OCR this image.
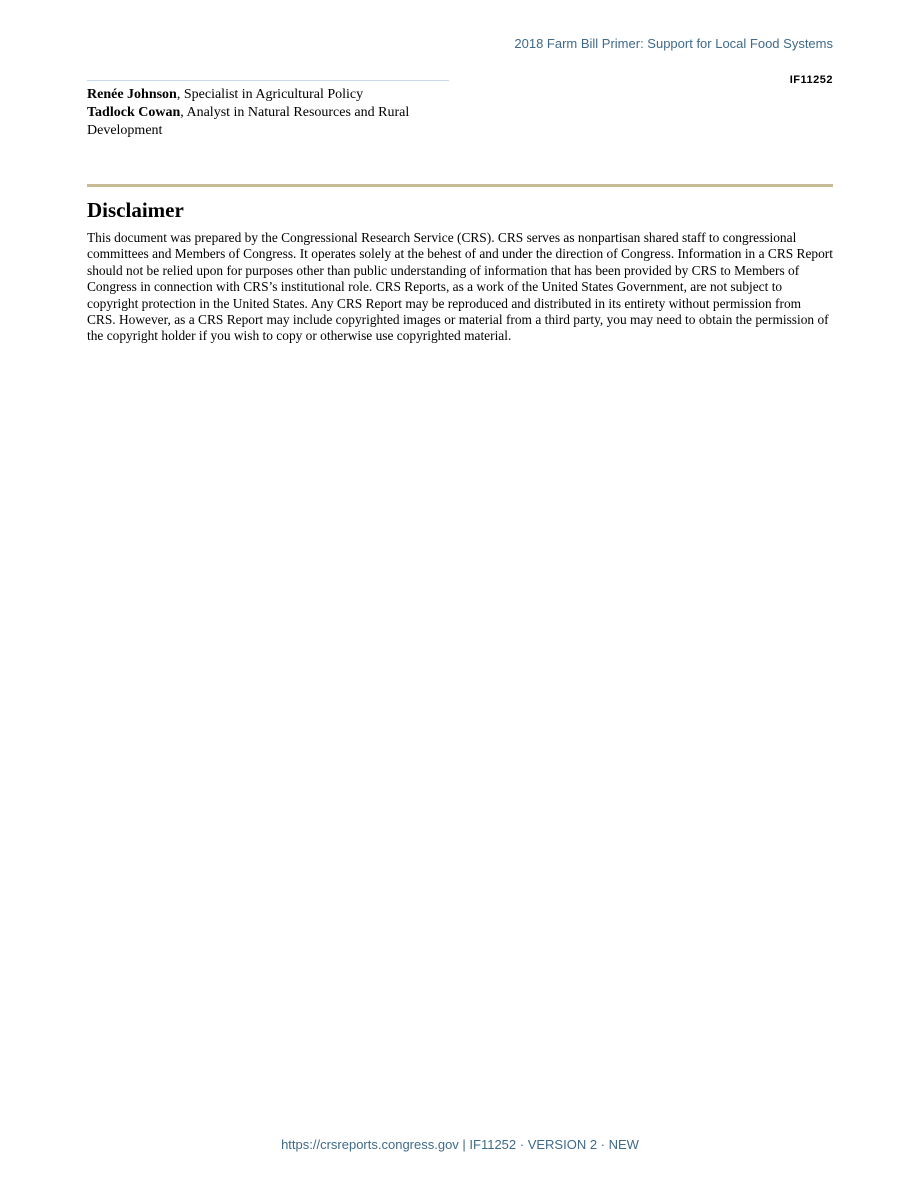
2018 Farm Bill Primer: Support for Local Food Systems
IF11252
Renée Johnson, Specialist in Agricultural Policy
Tadlock Cowan, Analyst in Natural Resources and Rural Development
Disclaimer

This document was prepared by the Congressional Research Service (CRS). CRS serves as nonpartisan shared staff to congressional committees and Members of Congress. It operates solely at the behest of and under the direction of Congress. Information in a CRS Report should not be relied upon for purposes other than public understanding of information that has been provided by CRS to Members of Congress in connection with CRS’s institutional role. CRS Reports, as a work of the United States Government, are not subject to copyright protection in the United States. Any CRS Report may be reproduced and distributed in its entirety without permission from CRS. However, as a CRS Report may include copyrighted images or material from a third party, you may need to obtain the permission of the copyright holder if you wish to copy or otherwise use copyrighted material.

https://crsreports.congress.gov | IF11252 · VERSION 2 · NEW
